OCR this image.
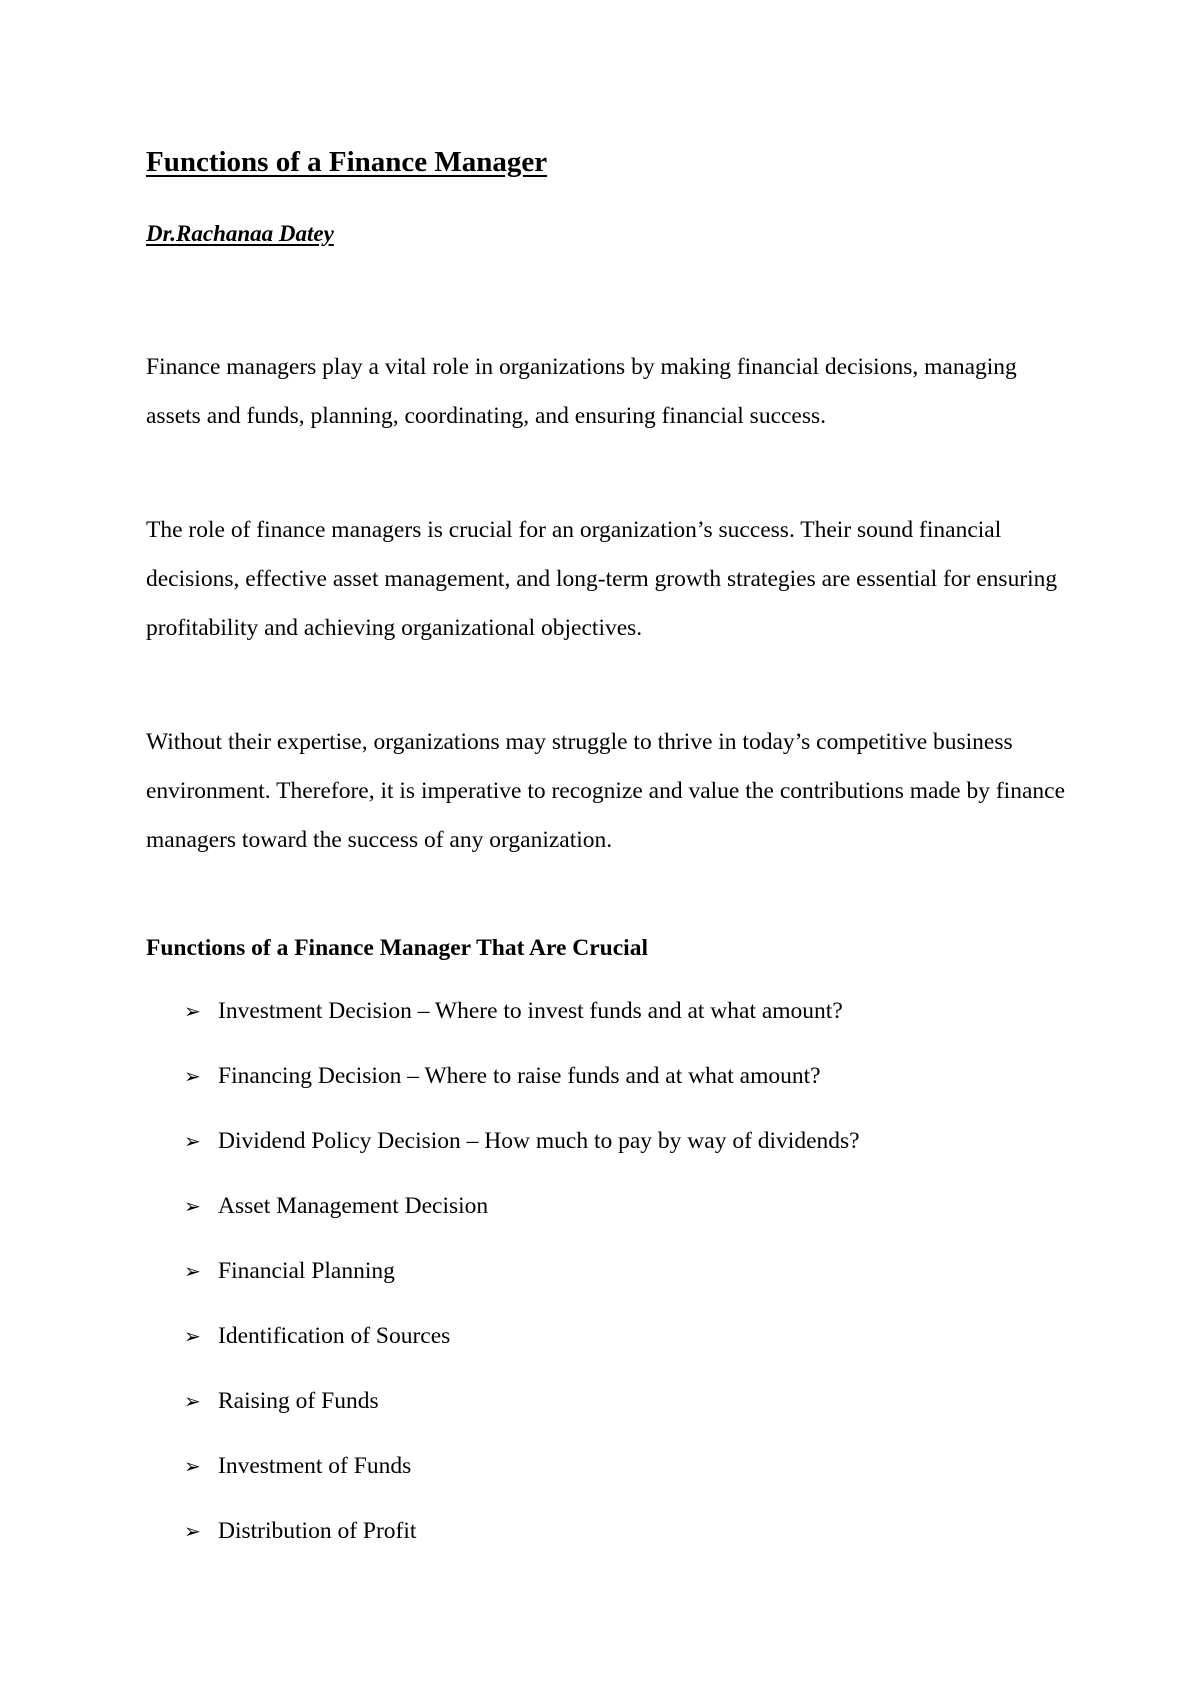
Functions of a Finance Manager

Dr.Rachanaa Datey

Finance managers play a vital role in organizations by making financial decisions, managing assets and funds, planning, coordinating, and ensuring financial success.

The role of finance managers is crucial for an organization’s success. Their sound financial decisions, effective asset management, and long-term growth strategies are essential for ensuring profitability and achieving organizational objectives.

Without their expertise, organizations may struggle to thrive in today’s competitive business environment. Therefore, it is imperative to recognize and value the contributions made by finance managers toward the success of any organization.

Functions of a Finance Manager That Are Crucial
➢ Investment Decision – Where to invest funds and at what amount?
➢ Financing Decision – Where to raise funds and at what amount?
➢ Dividend Policy Decision – How much to pay by way of dividends?
➢ Asset Management Decision
➢ Financial Planning
➢ Identification of Sources
➢ Raising of Funds
➢ Investment of Funds
➢ Distribution of Profit
